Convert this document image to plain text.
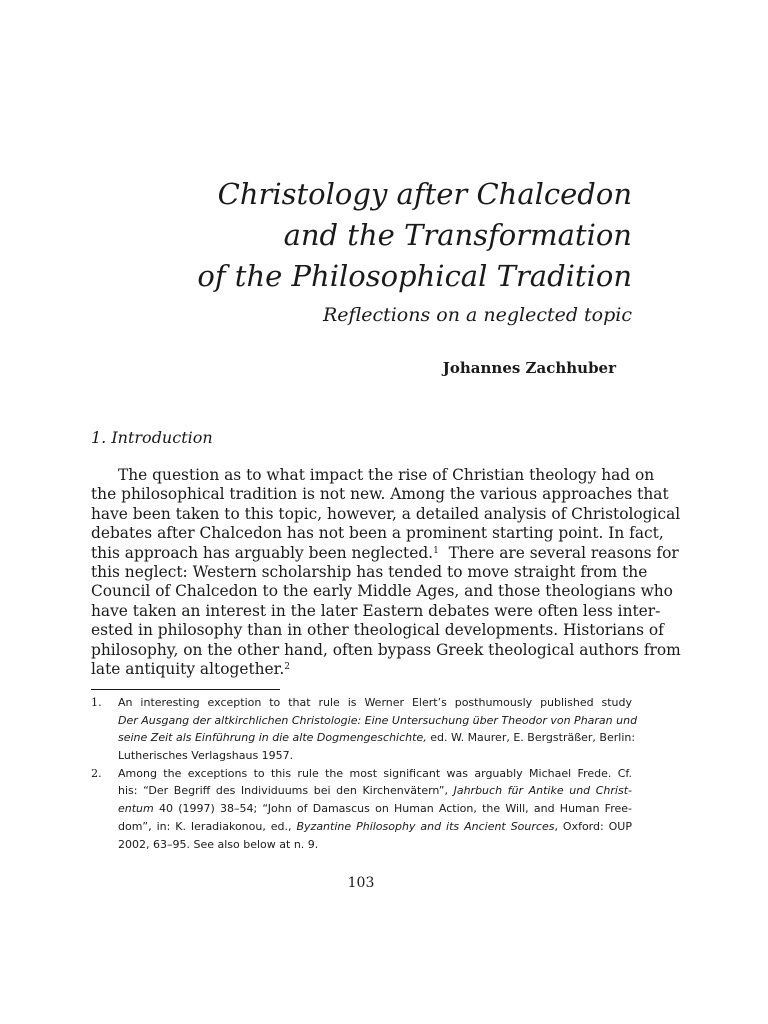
Christology after Chalcedon
and the Transformation
of the Philosophical Tradition
Reflections on a neglected topic
Johannes Zachhuber
1. Introduction
The question as to what impact the rise of Christian theology had on
the philosophical tradition is not new. Among the various approaches that
have been taken to this topic, however, a detailed analysis of Christological
debates after Chalcedon has not been a prominent starting point. In fact,
this approach has arguably been neglected.$^1$ There are several reasons for
this neglect: Western scholarship has tended to move straight from the
Council of Chalcedon to the early Middle Ages, and those theologians who
have taken an interest in the later Eastern debates were often less inter-
ested in philosophy than in other theological developments. Historians of
philosophy, on the other hand, often bypass Greek theological authors from
late antiquity altogether.$^2$
1. An interesting exception to that rule is Werner Elert’s posthumously published study
Der Ausgang der altkirchlichen Christologie: Eine Untersuchung über Theodor von Pharan und
seine Zeit als Einführung in die alte Dogmengeschichte, ed. W. Maurer, E. Bergsträßer, Berlin:
Lutherisches Verlagshaus 1957.
2. Among the exceptions to this rule the most significant was arguably Michael Frede. Cf.
his: “Der Begriff des Individuums bei den Kirchenvätern”, Jahrbuch für Antike und Christ-
entum 40 (1997) 38–54; “John of Damascus on Human Action, the Will, and Human Free-
dom”, in: K. Ieradiakonou, ed., Byzantine Philosophy and its Ancient Sources, Oxford: OUP
2002, 63–95. See also below at n. 9.
103
